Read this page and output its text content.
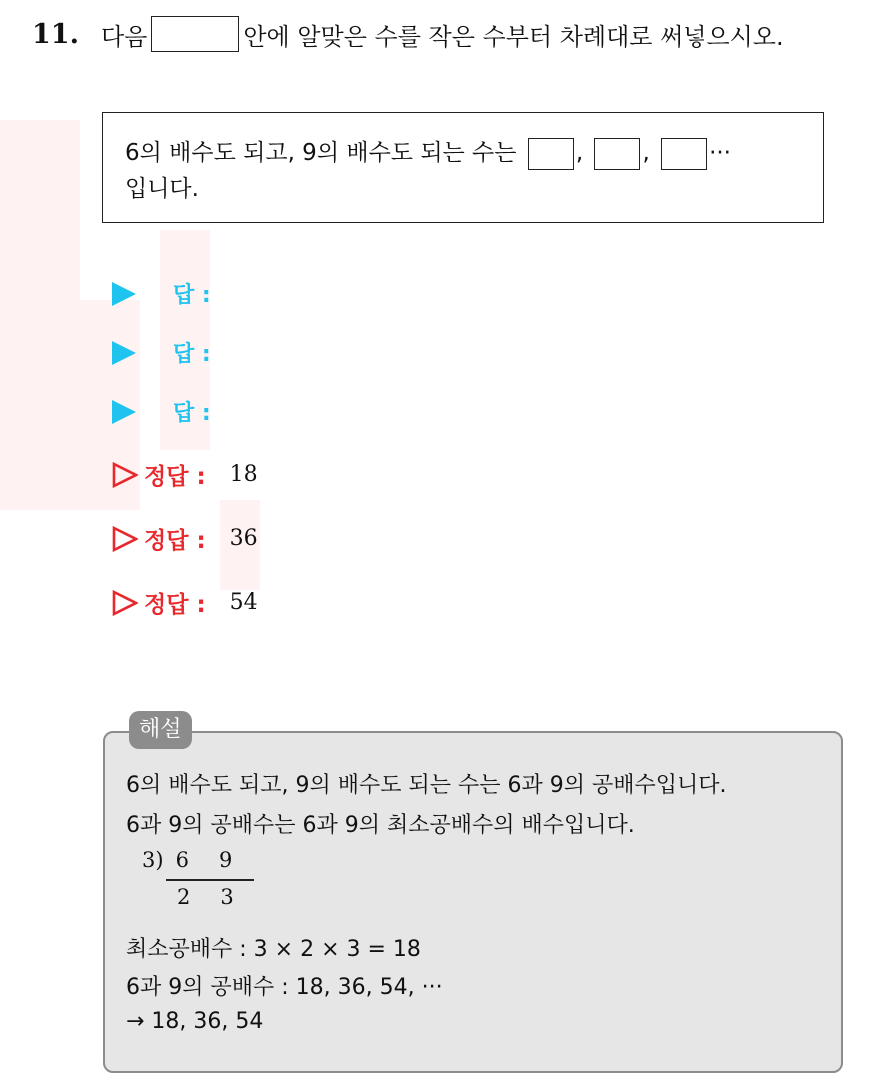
11. 다음	안에 알맞은 수를 작은 수부터 차례대로 써넣으시오.
6의 배수도 되고, 9의 배수도 되는 수는	,	,	···
입니다.
답 :
답 :
답 :
정답 : 18
정답 : 36
정답 : 54
해설
6의 배수도 되고, 9의 배수도 되는 수는 6과 9의 공배수입니다.
6과 9의 공배수는 6과 9의 최소공배수의 배수입니다.
3) 6 9
2 3
최소공배수 : 3 × 2 × 3 = 18
6과 9의 공배수 : 18, 36, 54, ···
→ 18, 36, 54
